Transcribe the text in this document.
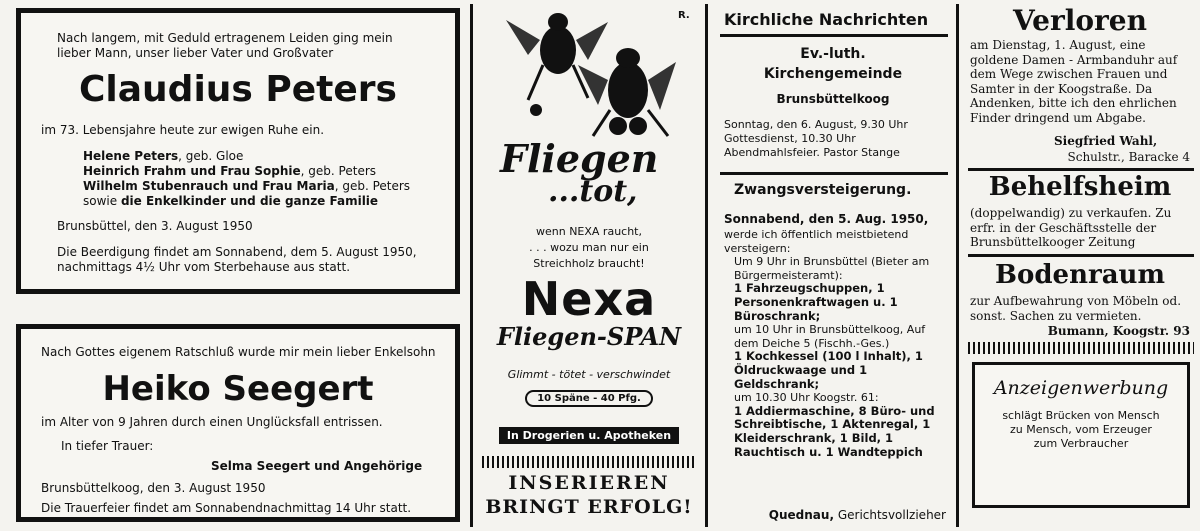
Nach langem, mit Geduld ertragenem Leiden ging mein lieber Mann, unser lieber Vater und Großvater
Claudius Peters
im 73. Lebensjahre heute zur ewigen Ruhe ein.
Helene Peters, geb. Gloe
Heinrich Frahm und Frau Sophie, geb. Peters
Wilhelm Stubenrauch und Frau Maria, geb. Peters
sowie die Enkelkinder und die ganze Familie
Brunsbüttel, den 3. August 1950
Die Beerdigung findet am Sonnabend, dem 5. August 1950, nachmittags 4½ Uhr vom Sterbehause aus statt.
Nach Gottes eigenem Ratschluß wurde mir mein lieber Enkelsohn
Heiko Seegert
im Alter von 9 Jahren durch einen Unglücksfall entrissen.
In tiefer Trauer:
Selma Seegert und Angehörige
Brunsbüttelkoog, den 3. August 1950
Die Trauerfeier findet am Sonnabendnachmittag 14 Uhr statt.
R.
Fliegen
...tot,
wenn NEXA raucht,
. . . wozu man nur ein
Streichholz braucht!
Nexa
Fliegen-SPAN
Glimmt - tötet - verschwindet
10 Späne - 40 Pfg.
In Drogerien u. Apotheken
INSERIEREN
BRINGT ERFOLG!
Kirchliche Nachrichten
Ev.-luth.
Kirchengemeinde
Brunsbüttelkoog
Sonntag, den 6. August, 9.30 Uhr Gottesdienst, 10.30 Uhr Abendmahlsfeier. Pastor Stange
Zwangsversteigerung.
Sonnabend, den 5. Aug. 1950,
werde ich öffentlich meistbietend versteigern:
Um 9 Uhr in Brunsbüttel (Bieter am Bürgermeisteramt):
1 Fahrzeugschuppen, 1 Personenkraftwagen u. 1 Büroschrank;
um 10 Uhr in Brunsbüttelkoog, Auf dem Deiche 5 (Fischh.-Ges.)
1 Kochkessel (100 l Inhalt), 1 Öldruckwaage und 1 Geldschrank;
um 10.30 Uhr Koogstr. 61:
1 Addiermaschine, 8 Büro- und Schreibtische, 1 Aktenregal, 1 Kleiderschrank, 1 Bild, 1 Rauchtisch u. 1 Wandteppich
Quednau, Gerichtsvollzieher
Verloren
am Dienstag, 1. August, eine goldene Damen - Armbanduhr auf dem Wege zwischen Frauen und Samter in der Koogstraße. Da Andenken, bitte ich den ehrlichen Finder dringend um Abgabe.
Siegfried Wahl,
Schulstr., Baracke 4
Behelfsheim
(doppelwandig) zu verkaufen. Zu erfr. in der Geschäftsstelle der Brunsbüttelkooger Zeitung
Bodenraum
zur Aufbewahrung von Möbeln od. sonst. Sachen zu vermieten.
Bumann, Koogstr. 93
Anzeigenwerbung
schlägt Brücken von Mensch zu Mensch, vom Erzeuger zum Verbraucher
